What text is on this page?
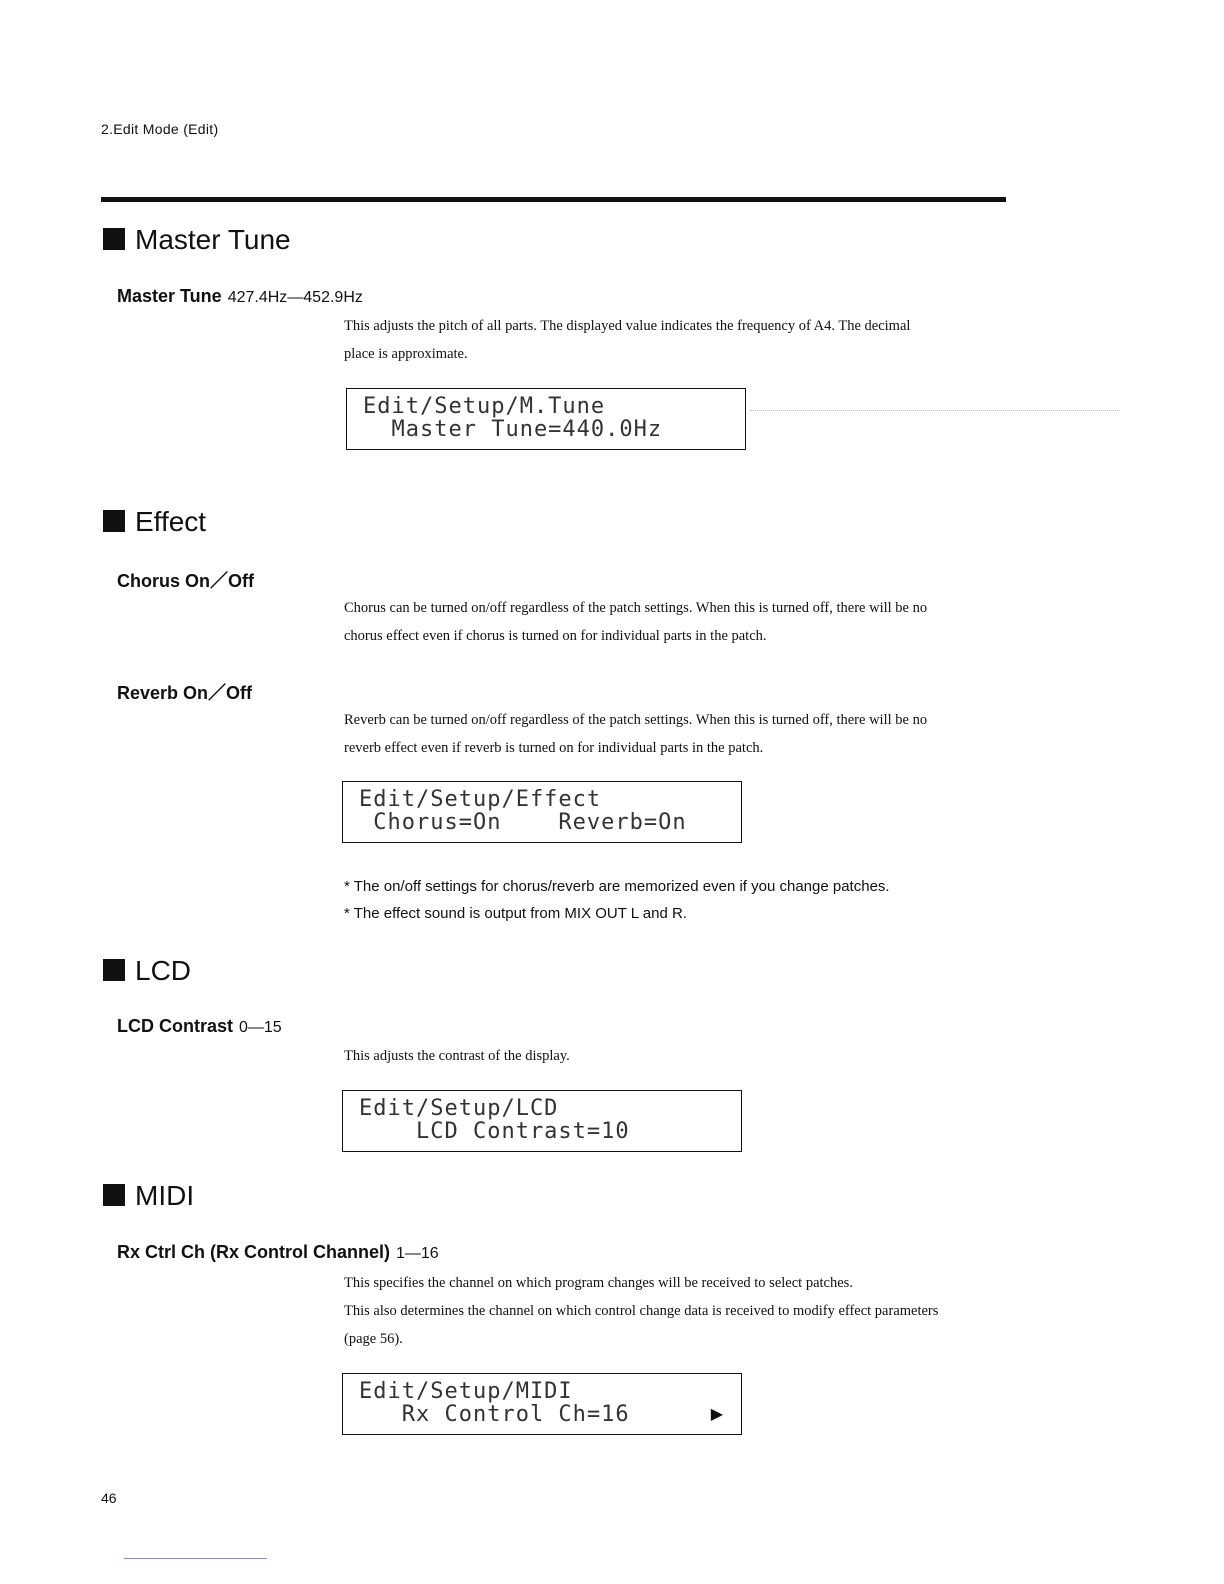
2.Edit Mode (Edit)
Master Tune
Master Tune 427.4Hz—452.9Hz

This adjusts the pitch of all parts. The displayed value indicates the frequency of A4. The decimal

place is approximate.

Edit/Setup/M.Tune
Master Tune=440.0Hz
Effect
Chorus On／Off

Chorus can be turned on/off regardless of the patch settings. When this is turned off, there will be no

chorus effect even if chorus is turned on for individual parts in the patch.

Reverb On／Off

Reverb can be turned on/off regardless of the patch settings. When this is turned off, there will be no

reverb effect even if reverb is turned on for individual parts in the patch.

Edit/Setup/Effect
Chorus=On    Reverb=On
* The on/off settings for chorus/reverb are memorized even if you change patches.
* The effect sound is output from MIX OUT L and R.
LCD
LCD Contrast 0—15

This adjusts the contrast of the display.

Edit/Setup/LCD
LCD Contrast=10
MIDI
Rx Ctrl Ch (Rx Control Channel) 1—16

This specifies the channel on which program changes will be received to select patches.

This also determines the channel on which control change data is received to modify effect parameters

(page 56).

Edit/Setup/MIDI
Rx Control Ch=16	▶
46
